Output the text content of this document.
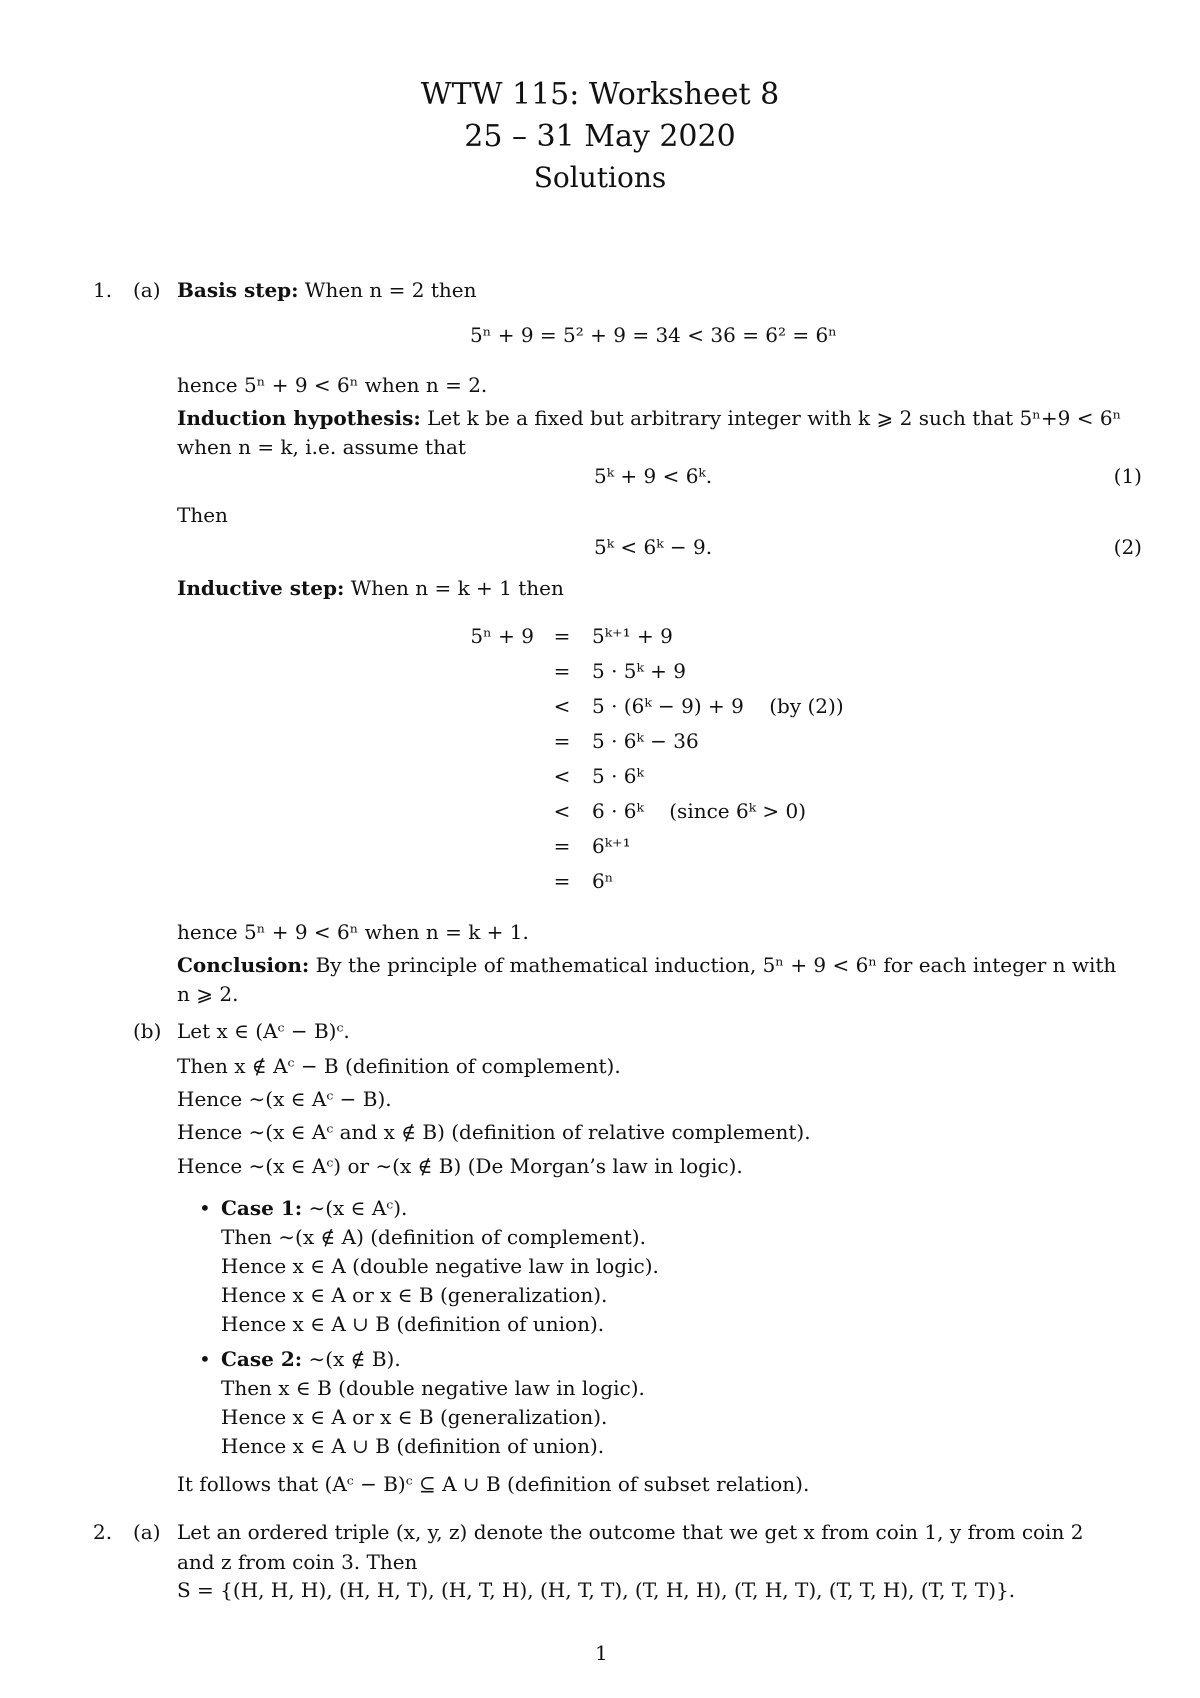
WTW 115: Worksheet 8
25 – 31 May 2020
Solutions
1. (a) Basis step: When n = 2 then
5ⁿ + 9 = 5² + 9 = 34 < 36 = 6² = 6ⁿ
hence 5ⁿ + 9 < 6ⁿ when n = 2.
Induction hypothesis: Let k be a fixed but arbitrary integer with k ⩾ 2 such that 5ⁿ+9 < 6ⁿ
when n = k, i.e. assume that
5ᵏ + 9 < 6ᵏ.	(1)
Then
5ᵏ < 6ᵏ − 9.	(2)
Inductive step: When n = k + 1 then
5ⁿ + 9 = 5ᵏ⁺¹ + 9
= 5 · 5ᵏ + 9
< 5 · (6ᵏ − 9) + 9    (by (2))
= 5 · 6ᵏ − 36
< 5 · 6ᵏ
< 6 · 6ᵏ    (since 6ᵏ > 0)
= 6ᵏ⁺¹
= 6ⁿ
hence 5ⁿ + 9 < 6ⁿ when n = k + 1.
Conclusion: By the principle of mathematical induction, 5ⁿ + 9 < 6ⁿ for each integer n with
n ⩾ 2.
(b) Let x ∈ (Aᶜ − B)ᶜ.
Then x ∉ Aᶜ − B (definition of complement).
Hence ∼(x ∈ Aᶜ − B).
Hence ∼(x ∈ Aᶜ and x ∉ B) (definition of relative complement).
Hence ∼(x ∈ Aᶜ) or ∼(x ∉ B) (De Morgan’s law in logic).
• Case 1: ∼(x ∈ Aᶜ).
Then ∼(x ∉ A) (definition of complement).
Hence x ∈ A (double negative law in logic).
Hence x ∈ A or x ∈ B (generalization).
Hence x ∈ A ∪ B (definition of union).
• Case 2: ∼(x ∉ B).
Then x ∈ B (double negative law in logic).
Hence x ∈ A or x ∈ B (generalization).
Hence x ∈ A ∪ B (definition of union).
It follows that (Aᶜ − B)ᶜ ⊆ A ∪ B (definition of subset relation).
2. (a) Let an ordered triple (x, y, z) denote the outcome that we get x from coin 1, y from coin 2
and z from coin 3. Then
S = {(H, H, H), (H, H, T), (H, T, H), (H, T, T), (T, H, H), (T, H, T), (T, T, H), (T, T, T)}.
1
